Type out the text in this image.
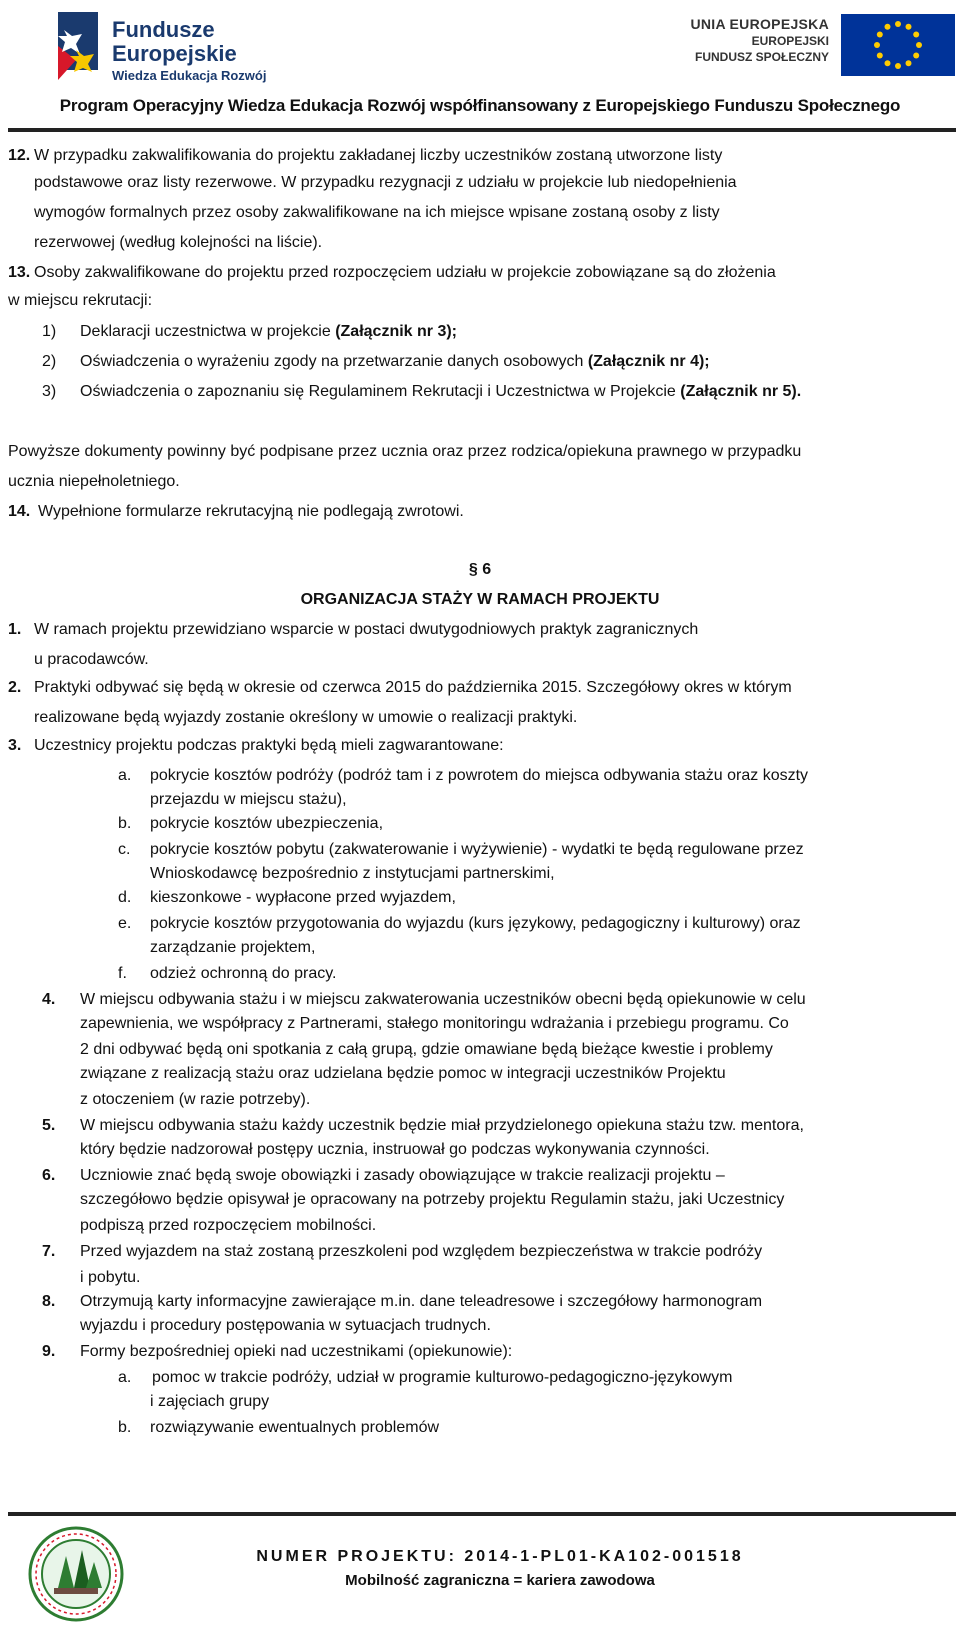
Fundusze
Europejskie
Wiedza Edukacja Rozwój
UNIA EUROPEJSKA
EUROPEJSKI
FUNDUSZ SPOŁECZNY
Program Operacyjny Wiedza Edukacja Rozwój współfinansowany z Europejskiego Funduszu Społecznego
12. W przypadku zakwalifikowania do projektu zakładanej liczby uczestników zostaną utworzone listy
podstawowe oraz listy rezerwowe. W przypadku rezygnacji z udziału w projekcie lub niedopełnienia
wymogów formalnych przez osoby zakwalifikowane na ich miejsce wpisane zostaną osoby z listy
rezerwowej (według kolejności na liście).
13. Osoby zakwalifikowane do projektu przed rozpoczęciem udziału w projekcie zobowiązane są do złożenia
w miejscu rekrutacji:
1) Deklaracji uczestnictwa w projekcie (Załącznik nr 3);
2) Oświadczenia o wyrażeniu zgody na przetwarzanie danych osobowych (Załącznik nr 4);
3) Oświadczenia o zapoznaniu się Regulaminem Rekrutacji i Uczestnictwa w Projekcie (Załącznik nr 5).
Powyższe dokumenty powinny być podpisane przez ucznia oraz przez rodzica/opiekuna prawnego w przypadku
ucznia niepełnoletniego.
14. Wypełnione formularze rekrutacyjną nie podlegają zwrotowi.
§ 6
ORGANIZACJA STAŻY W RAMACH PROJEKTU
1. W ramach projektu przewidziano wsparcie w postaci dwutygodniowych praktyk zagranicznych
u pracodawców.
2. Praktyki odbywać się będą w okresie od czerwca 2015 do października 2015. Szczegółowy okres w którym
realizowane będą wyjazdy zostanie określony w umowie o realizacji praktyki.
3. Uczestnicy projektu podczas praktyki będą mieli zagwarantowane:
a. pokrycie kosztów podróży (podróż tam i z powrotem do miejsca odbywania stażu oraz koszty
przejazdu w miejscu stażu),
b. pokrycie kosztów ubezpieczenia,
c. pokrycie kosztów pobytu (zakwaterowanie i wyżywienie) - wydatki te będą regulowane przez
Wnioskodawcę bezpośrednio z instytucjami partnerskimi,
d. kieszonkowe - wypłacone przed wyjazdem,
e. pokrycie kosztów przygotowania do wyjazdu (kurs językowy, pedagogiczny i kulturowy) oraz
zarządzanie projektem,
f. odzież ochronną do pracy.
4. W miejscu odbywania stażu i w miejscu zakwaterowania uczestników obecni będą opiekunowie w celu
zapewnienia, we współpracy z Partnerami, stałego monitoringu wdrażania i przebiegu programu. Co
2 dni odbywać będą oni spotkania z całą grupą, gdzie omawiane będą bieżące kwestie i problemy
związane z realizacją stażu oraz udzielana będzie pomoc w integracji uczestników Projektu
z otoczeniem (w razie potrzeby).
5. W miejscu odbywania stażu każdy uczestnik będzie miał przydzielonego opiekuna stażu tzw. mentora,
który będzie nadzorował postępy ucznia, instruował go podczas wykonywania czynności.
6. Uczniowie znać będą swoje obowiązki i zasady obowiązujące w trakcie realizacji projektu –
szczegółowo będzie opisywał je opracowany na potrzeby projektu Regulamin stażu, jaki Uczestnicy
podpiszą przed rozpoczęciem mobilności.
7. Przed wyjazdem na staż zostaną przeszkoleni pod względem bezpieczeństwa w trakcie podróży
i pobytu.
8. Otrzymują karty informacyjne zawierające m.in. dane teleadresowe i szczegółowy harmonogram
wyjazdu i procedury postępowania w sytuacjach trudnych.
9. Formy bezpośredniej opieki nad uczestnikami (opiekunowie):
a. pomoc w trakcie podróży, udział w programie kulturowo-pedagogiczno-językowym
i zajęciach grupy
b. rozwiązywanie ewentualnych problemów
NUMER PROJEKTU: 2014-1-PL01-KA102-001518
Mobilność zagraniczna = kariera zawodowa
